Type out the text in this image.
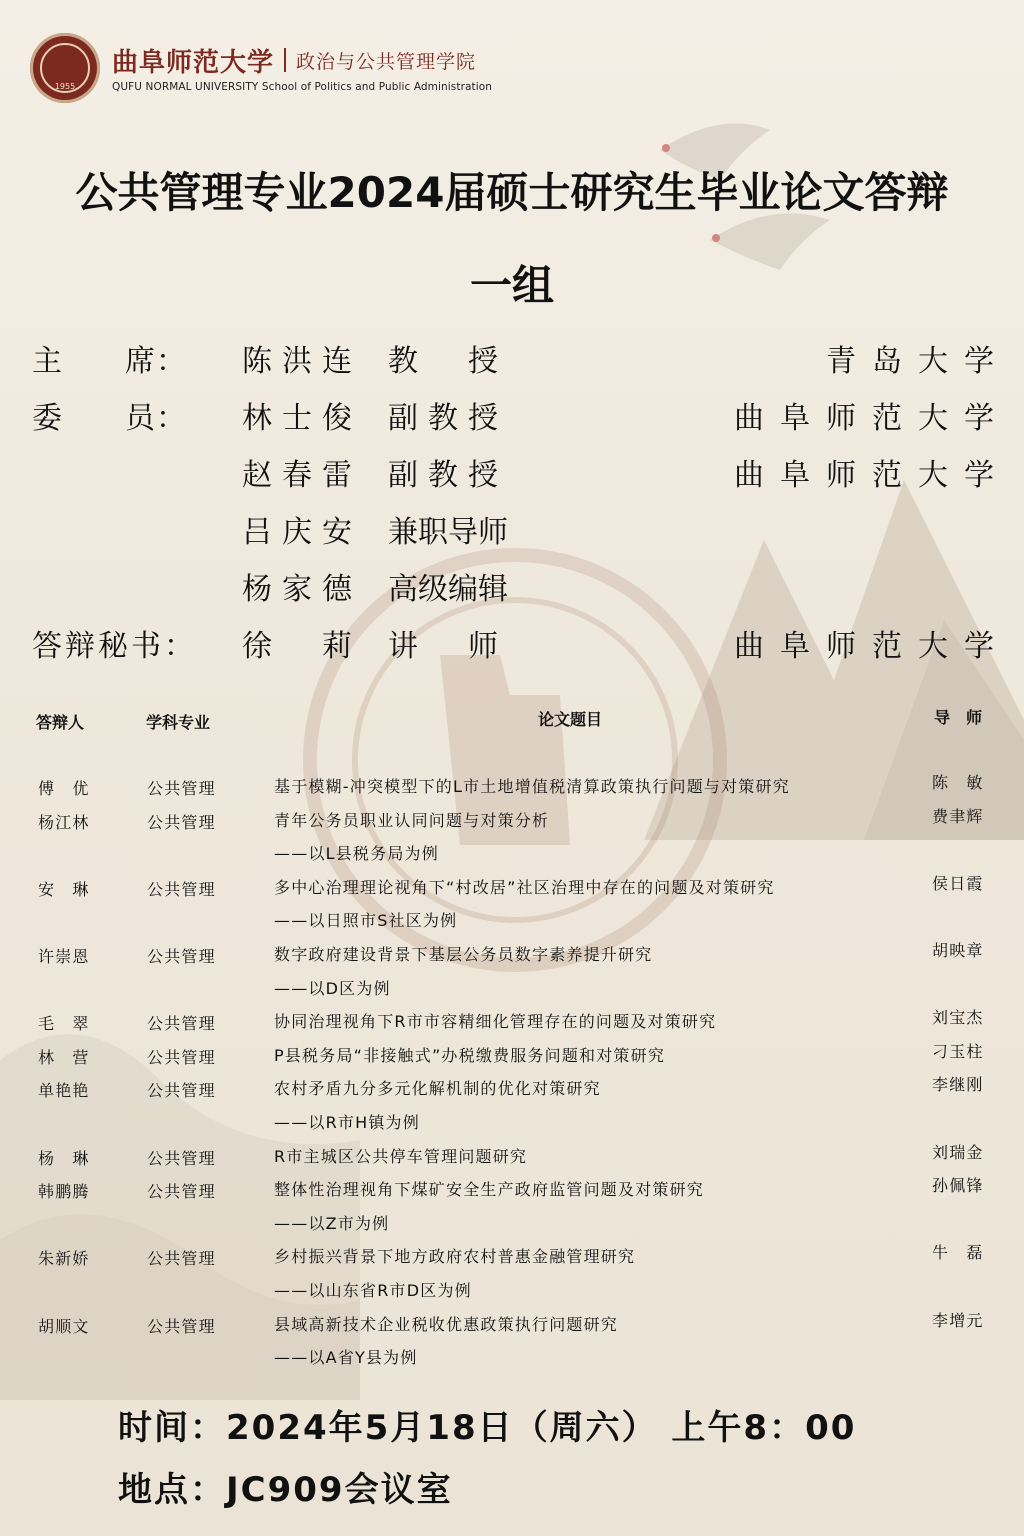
1955
曲阜师范大学 政治与公共管理学院
QUFU NORMAL UNIVERSITY School of Politics and Public Administration
公共管理专业2024届硕士研究生毕业论文答辩
一组
主　　席： 陈洪连 教　授	青岛大学
委　　员： 林士俊 副教授	曲阜师范大学
赵春雷 副教授	曲阜师范大学
吕庆安 兼职导师
杨家德 高级编辑
答辩秘书： 徐　莉 讲　师	曲阜师范大学
答辩人	学科专业	论文题目	导　师
傅　优	公共管理	基于模糊-冲突模型下的L市土地增值税清算政策执行问题与对策研究	陈　敏
杨江林	公共管理	青年公务员职业认同问题与对策分析	费聿辉
——以L县税务局为例
安　琳	公共管理	多中心治理理论视角下“村改居”社区治理中存在的问题及对策研究	侯日霞
——以日照市S社区为例
许崇恩	公共管理	数字政府建设背景下基层公务员数字素养提升研究	胡映章
——以D区为例
毛　翠	公共管理	协同治理视角下R市市容精细化管理存在的问题及对策研究	刘宝杰
林　营	公共管理	P县税务局“非接触式”办税缴费服务问题和对策研究	刁玉柱
单艳艳	公共管理	农村矛盾九分多元化解机制的优化对策研究	李继刚
——以R市H镇为例
杨　琳	公共管理	R市主城区公共停车管理问题研究	刘瑞金
韩鹏腾	公共管理	整体性治理视角下煤矿安全生产政府监管问题及对策研究	孙佩锋
——以Z市为例
朱新娇	公共管理	乡村振兴背景下地方政府农村普惠金融管理研究	牛　磊
——以山东省R市D区为例
胡顺文	公共管理	县域高新技术企业税收优惠政策执行问题研究	李增元
——以A省Y县为例
时间：2024年5月18日（周六） 上午8：00
地点：JC909会议室
